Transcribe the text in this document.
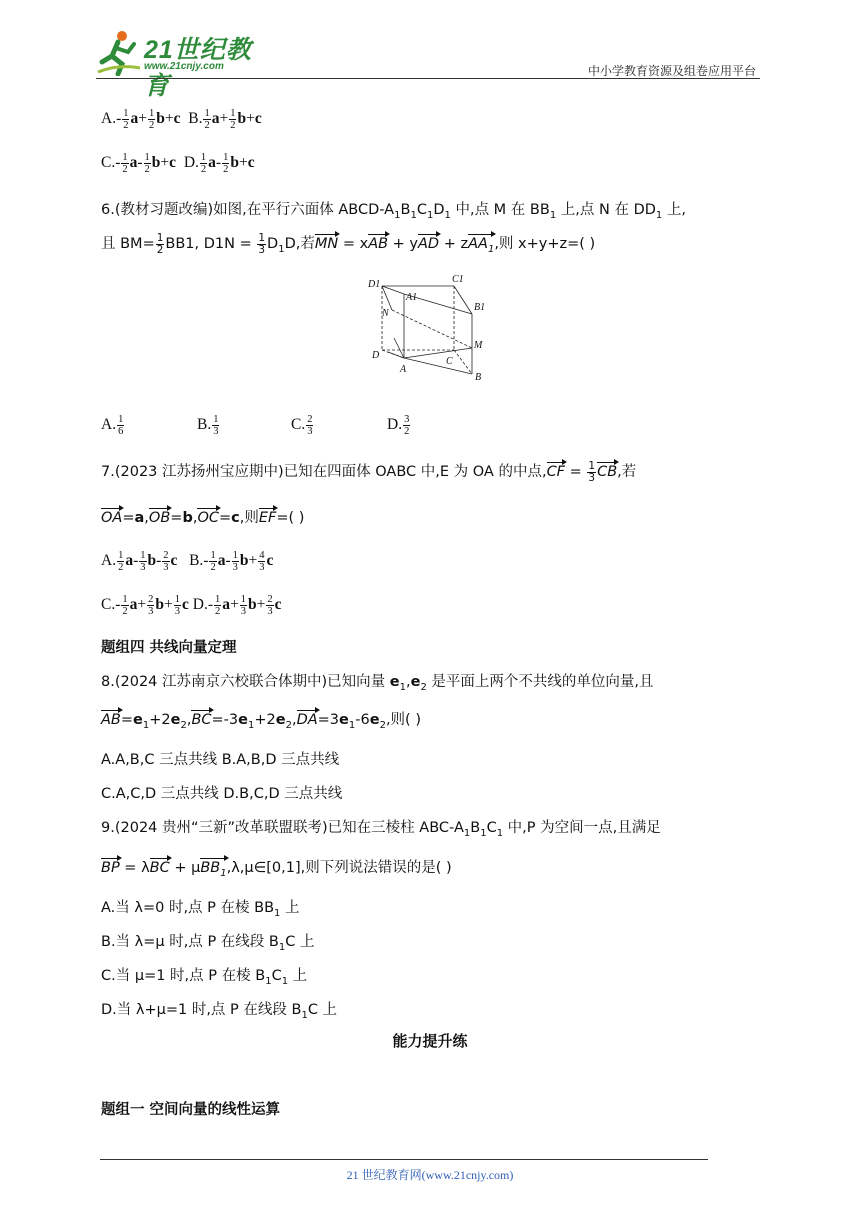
21世纪教育
www.21cnjy.com	中小学教育资源及组卷应用平台
$A.- \frac{1}{2} a+ \frac{1}{2} b+c$ B. $\frac{1}{2} a+ \frac{1}{2} b+c$
$C.- \frac{1}{2} a- \frac{1}{2} b+c$ D. $\frac{1}{2} a- \frac{1}{2} b+c$
6.(教材习题改编)如图,在平行六面体 ABCD-$A_1B_1C_1D_1$ 中,点 M 在 $BB_1$ 上,点 N 在 $DD_1$ 上,
且 $BM= \frac{1}{2} BB1$, $D1N = \frac{1}{3} D_1D$,若MN = xAB + yAD + zAA$_1$,则 x+y+z=( )
A. $\frac{1}{6}$	B. $\frac{1}{3}$	C. $\frac{2}{3}$	D. $\frac{3}{2}$
7.(2023 江苏扬州宝应期中)已知在四面体 OABC 中,E 为 OA 的中点$,CF = \frac{1}{3}$ CB,若
OA=a,OB=b,OC=c,则EF=( )
A. $\frac{1}{2} a- \frac{1}{3} b- \frac{2}{3}$ c   $B.- \frac{1}{2} a- \frac{1}{3} b+ \frac{4}{3}$ c
$C.- \frac{1}{2} a+ \frac{2}{3} b+ \frac{1}{3}$ c $D.- \frac{1}{2} a+ \frac{1}{3} b+ \frac{2}{3}$ c
题组四 共线向量定理
8.(2024 江苏南京六校联合体期中)已知向量 $e_1,e_2$ 是平面上两个不共线的单位向量,且
$AB=e_1+2e_2,BC=-3e_1+2e_2,DA=3e_1-6e_2$,则( )
A.A,B,C 三点共线 B.A,B,D 三点共线
C.A,C,D 三点共线 D.B,C,D 三点共线
9.(2024 贵州“三新”改革联盟联考)已知在三棱柱 ABC-$A_1B_1C_1$ 中,P 为空间一点,且满足
BP = λBC + μBB$_1$,λ,μ∈[0,1],则下列说法错误的是( )
A.当 λ=0 时,点 P 在棱 $BB_1$ 上
B.当 λ=μ 时,点 P 在线段 $B_1C$ 上
C.当 μ=1 时,点 P 在棱 $B_1C_1$ 上
D.当 λ+μ=1 时,点 P 在线段 $B_1C$ 上
能力提升练
题组一 空间向量的线性运算
D1	C1
A1
B1
N
M
D
C
A
B
21 世纪教育网(www.21cnjy.com)
